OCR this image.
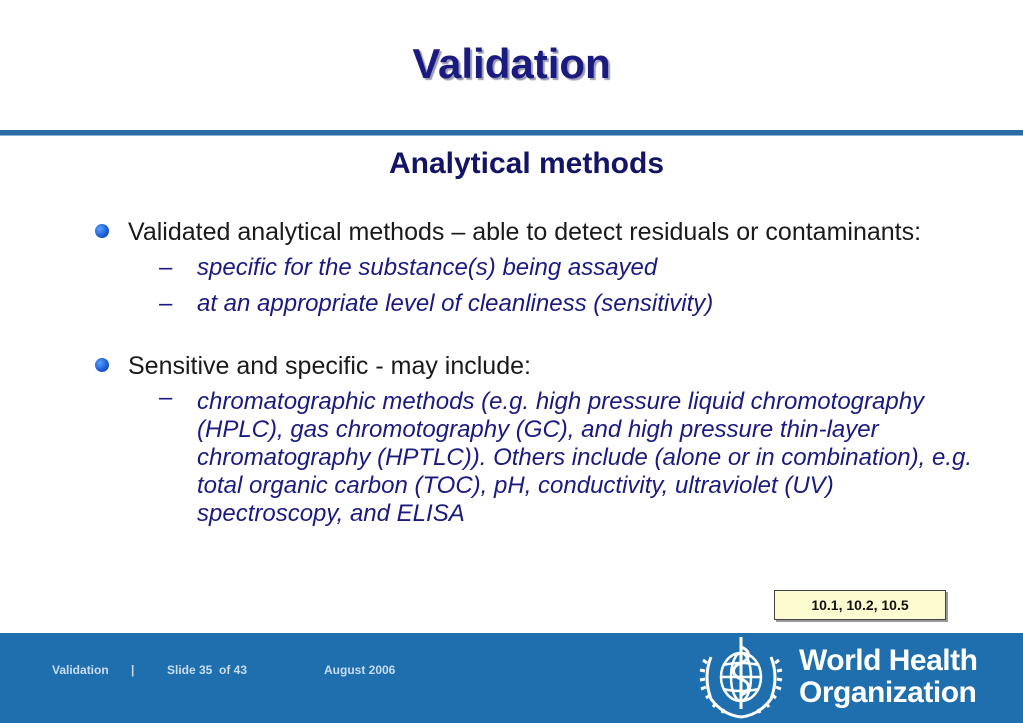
Validation
Analytical methods
Validated analytical methods – able to detect residuals or contaminants:
– specific for the substance(s) being assayed
– at an appropriate level of cleanliness (sensitivity)
Sensitive and specific - may include:
– chromatographic methods (e.g. high pressure liquid chromotography (HPLC), gas chromotography (GC), and high pressure thin-layer chromatography (HPTLC)). Others include (alone or in combination), e.g. total organic carbon (TOC), pH, conductivity, ultraviolet (UV) spectroscopy, and ELISA
10.1, 10.2, 10.5
Validation |	Slide 35  of 43	August 2006	World Health
Organization
